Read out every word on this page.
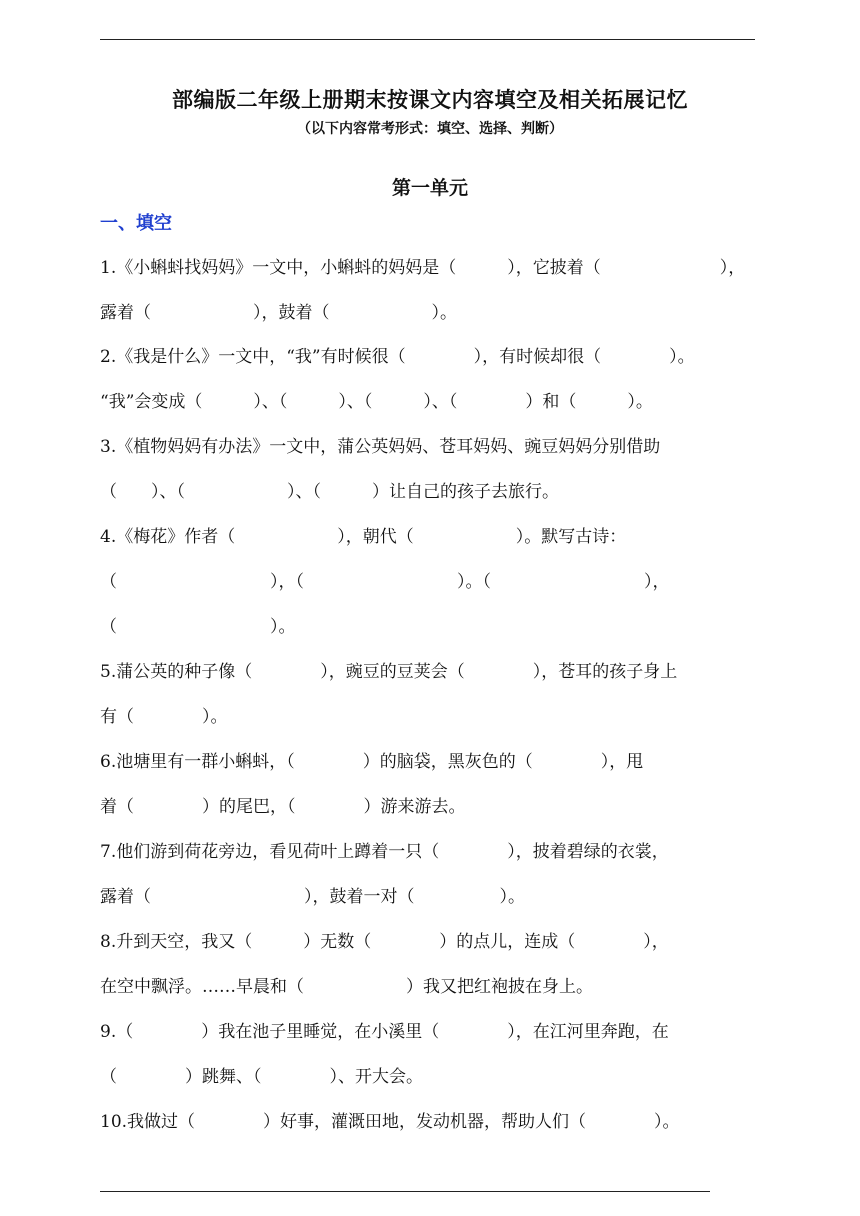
部编版二年级上册期末按课文内容填空及相关拓展记忆
（以下内容常考形式：填空、选择、判断）
第一单元
一、填空
1.《小蝌蚪找妈妈》一文中，小蝌蚪的妈妈是（　　　），它披着（　　　　　　　），
露着（　　　　　　），鼓着（　　　　　　）。
2.《我是什么》一文中，“我”有时候很（　　　　），有时候却很（　　　　）。
“我”会变成（　　　）、（　　　）、（　　　）、（　　　　）和（　　　）。
3.《植物妈妈有办法》一文中，蒲公英妈妈、苍耳妈妈、豌豆妈妈分别借助
（　　）、（　　　　　　）、（　　　）让自己的孩子去旅行。
4.《梅花》作者（　　　　　　），朝代（　　　　　　）。默写古诗：
（　　　　　　　　　），（　　　　　　　　　）。（　　　　　　　　　），
（　　　　　　　　　）。
5.蒲公英的种子像（　　　　），豌豆的豆荚会（　　　　），苍耳的孩子身上
有（　　　　）。
6.池塘里有一群小蝌蚪，（　　　　）的脑袋，黑灰色的（　　　　），甩
着（　　　　）的尾巴，（　　　　）游来游去。
7.他们游到荷花旁边，看见荷叶上蹲着一只（　　　　），披着碧绿的衣裳，
露着（　　　　　　　　　），鼓着一对（　　　　　）。
8.升到天空，我又（　　　）无数（　　　　）的点儿，连成（　　　　），
在空中飘浮。……早晨和（　　　　　　）我又把红袍披在身上。
9.（　　　　）我在池子里睡觉，在小溪里（　　　　），在江河里奔跑，在
（　　　　）跳舞、（　　　　）、开大会。
10.我做过（　　　　）好事，灌溉田地，发动机器，帮助人们（　　　　）。
